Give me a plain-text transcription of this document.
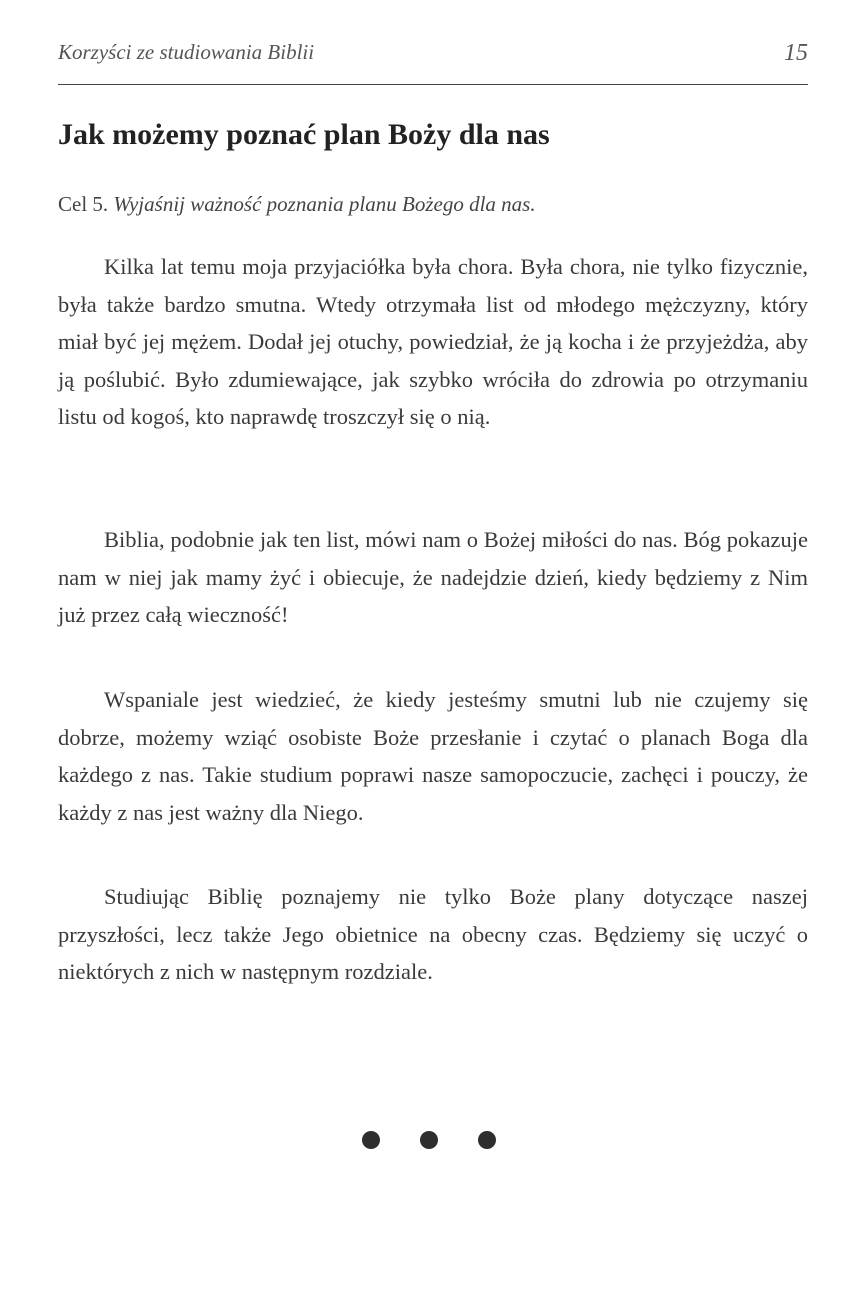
Korzyści ze studiowania Biblii	15
Jak możemy poznać plan Boży dla nas

Cel 5. Wyjaśnij ważność poznania planu Bożego dla nas.

Kilka lat temu moja przyjaciółka była chora. Była chora, nie tylko fizycznie, była także bardzo smutna. Wtedy otrzymała list od młodego mężczyzny, który miał być jej mężem. Dodał jej otuchy, powiedział, że ją kocha i że przyjeżdża, aby ją poślubić. Było zdumiewające, jak szybko wróciła do zdrowia po otrzymaniu listu od kogoś, kto naprawdę troszczył się o nią.

Biblia, podobnie jak ten list, mówi nam o Bożej miłości do nas. Bóg pokazuje nam w niej jak mamy żyć i obiecuje, że nadejdzie dzień, kiedy będziemy z Nim już przez całą wieczność!

Wspaniale jest wiedzieć, że kiedy jesteśmy smutni lub nie czujemy się dobrze, możemy wziąć osobiste Boże przesłanie i czytać o planach Boga dla każdego z nas. Takie studium poprawi nasze samopoczucie, zachęci i pouczy, że każdy z nas jest ważny dla Niego.

Studiując Biblię poznajemy nie tylko Boże plany dotyczące naszej przyszłości, lecz także Jego obietnice na obecny czas. Będziemy się uczyć o niektórych z nich w następnym rozdziale.
